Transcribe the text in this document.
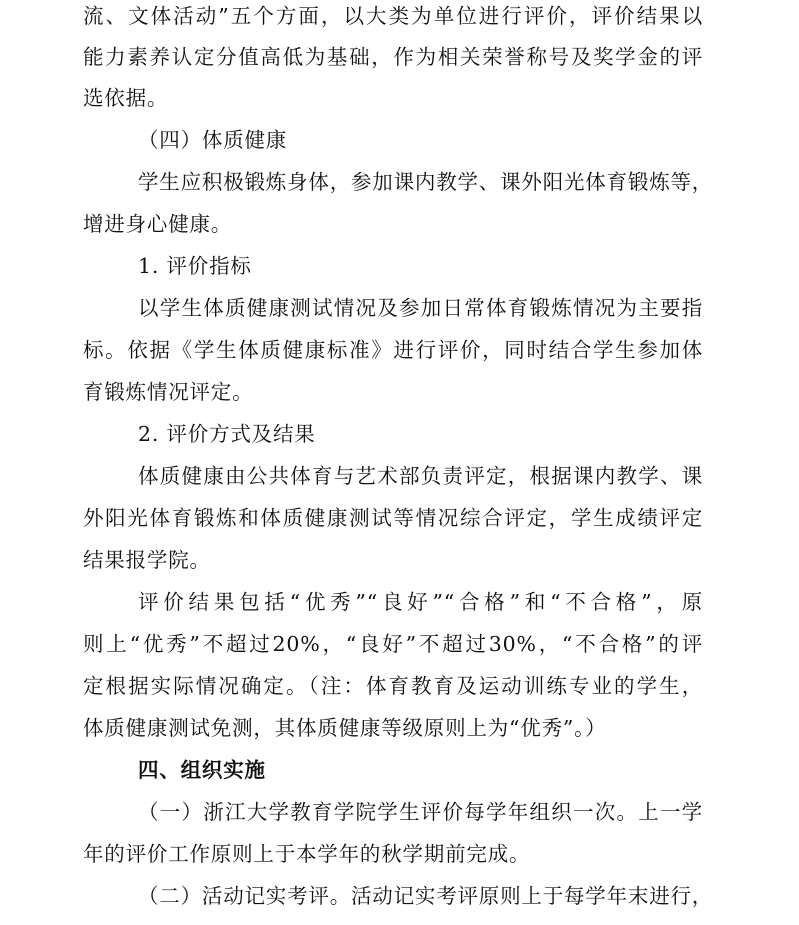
流、文体活动”五个方面，以大类为单位进行评价，评价结果以
能力素养认定分值高低为基础，作为相关荣誉称号及奖学金的评
选依据。
（四）体质健康
学生应积极锻炼身体，参加课内教学、课外阳光体育锻炼等，
增进身心健康。
1. 评价指标
以学生体质健康测试情况及参加日常体育锻炼情况为主要指
标。依据《学生体质健康标准》进行评价，同时结合学生参加体
育锻炼情况评定。
2. 评价方式及结果
体质健康由公共体育与艺术部负责评定，根据课内教学、课
外阳光体育锻炼和体质健康测试等情况综合评定，学生成绩评定
结果报学院。
评价结果包括“优秀”“良好”“合格”和“不合格”，原
则上“优秀”不超过20%，“良好”不超过30%，“不合格”的评
定根据实际情况确定。（注：体育教育及运动训练专业的学生，
体质健康测试免测，其体质健康等级原则上为“优秀”。）
四、组织实施
（一）浙江大学教育学院学生评价每学年组织一次。上一学
年的评价工作原则上于本学年的秋学期前完成。
（二）活动记实考评。活动记实考评原则上于每学年末进行，
